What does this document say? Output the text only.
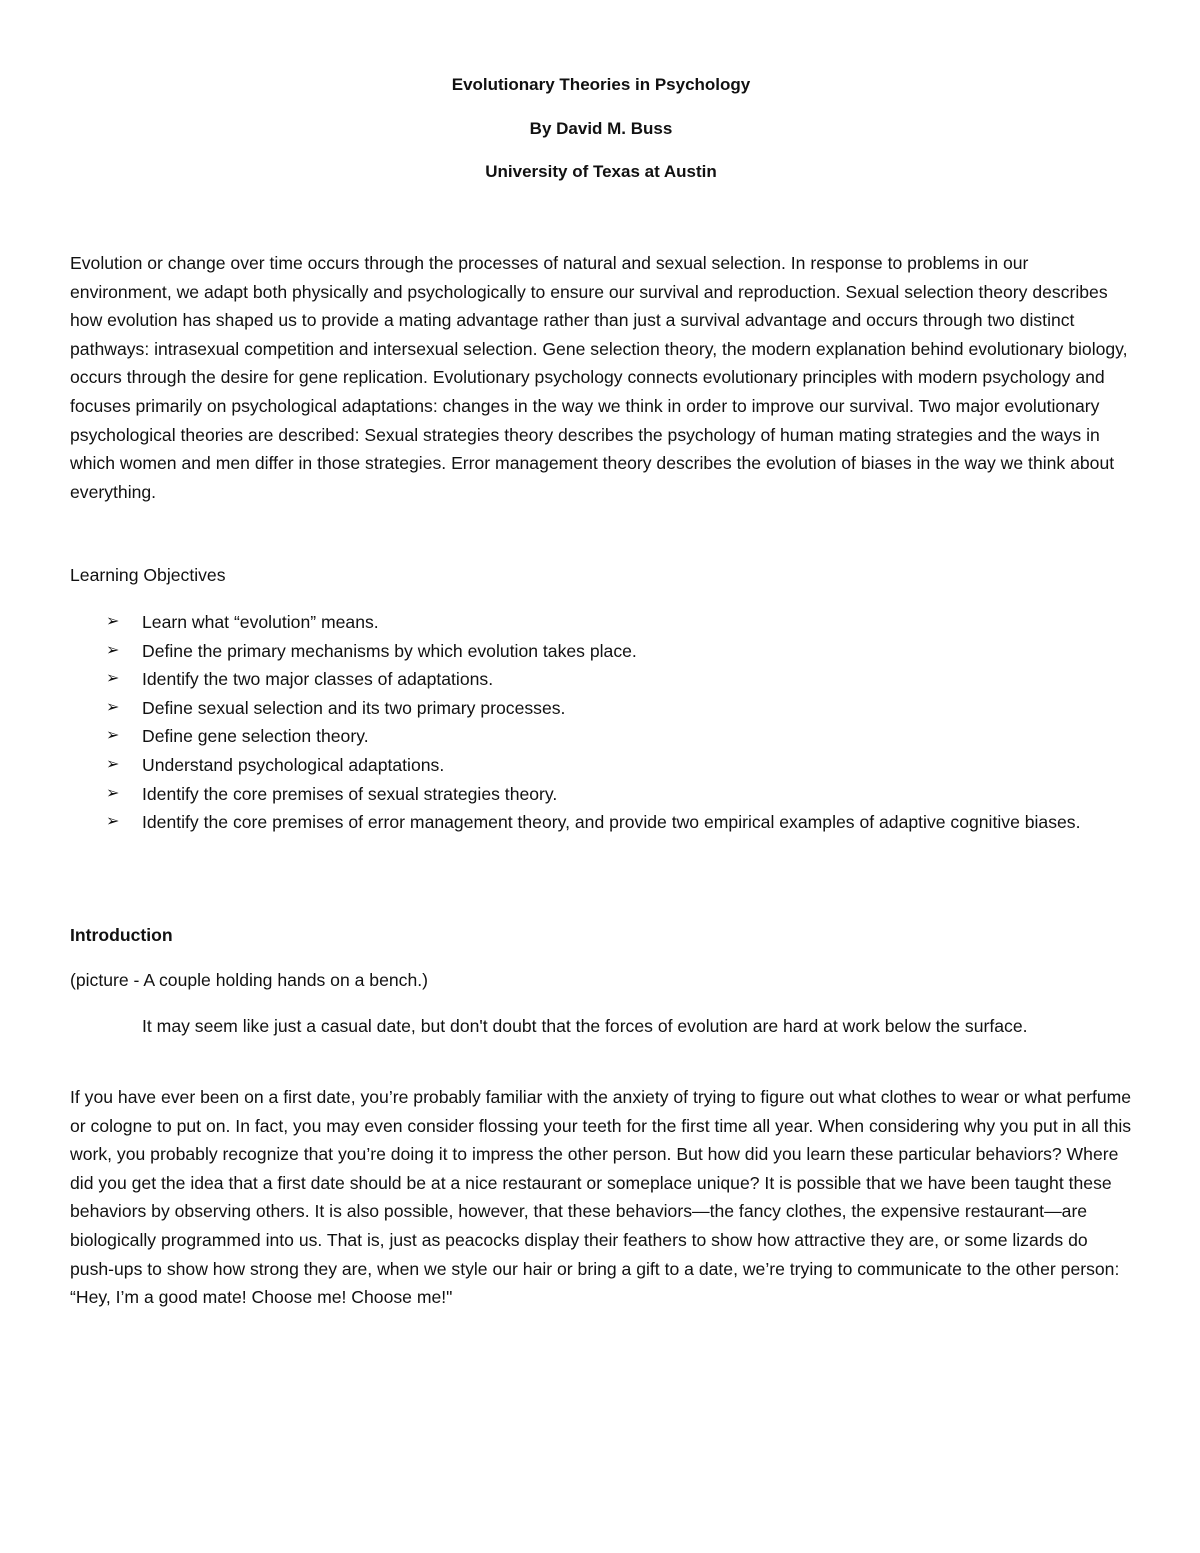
Evolutionary Theories in Psychology
By David M. Buss
University of Texas at Austin

Evolution or change over time occurs through the processes of natural and sexual selection. In response to problems in our environment, we adapt both physically and psychologically to ensure our survival and reproduction. Sexual selection theory describes how evolution has shaped us to provide a mating advantage rather than just a survival advantage and occurs through two distinct pathways: intrasexual competition and intersexual selection. Gene selection theory, the modern explanation behind evolutionary biology, occurs through the desire for gene replication. Evolutionary psychology connects evolutionary principles with modern psychology and focuses primarily on psychological adaptations: changes in the way we think in order to improve our survival. Two major evolutionary psychological theories are described: Sexual strategies theory describes the psychology of human mating strategies and the ways in which women and men differ in those strategies. Error management theory describes the evolution of biases in the way we think about everything.

Learning Objectives

➢ Learn what “evolution” means.
➢ Define the primary mechanisms by which evolution takes place.
➢ Identify the two major classes of adaptations.
➢ Define sexual selection and its two primary processes.
➢ Define gene selection theory.
➢ Understand psychological adaptations.
➢ Identify the core premises of sexual strategies theory.
➢ Identify the core premises of error management theory, and provide two empirical examples of adaptive cognitive biases.

Introduction

(picture - A couple holding hands on a bench.)

It may seem like just a casual date, but don't doubt that the forces of evolution are hard at work below the surface.

If you have ever been on a first date, you’re probably familiar with the anxiety of trying to figure out what clothes to wear or what perfume or cologne to put on. In fact, you may even consider flossing your teeth for the first time all year. When considering why you put in all this work, you probably recognize that you’re doing it to impress the other person. But how did you learn these particular behaviors? Where did you get the idea that a first date should be at a nice restaurant or someplace unique? It is possible that we have been taught these behaviors by observing others. It is also possible, however, that these behaviors—the fancy clothes, the expensive restaurant—are biologically programmed into us. That is, just as peacocks display their feathers to show how attractive they are, or some lizards do push-ups to show how strong they are, when we style our hair or bring a gift to a date, we’re trying to communicate to the other person: “Hey, I’m a good mate! Choose me! Choose me!"
